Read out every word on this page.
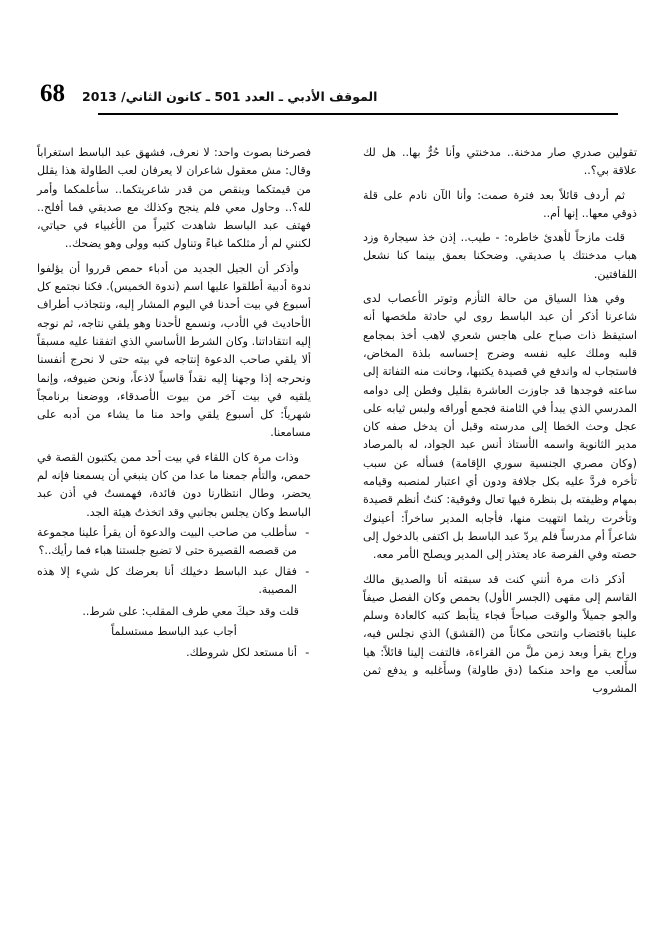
68 الموقف الأدبي ـ العدد 501 ـ كانون الثاني/ 2013

تقولين صدري صار مدخنة.. مدخنتي وأنا حُرٌّ بها.. هل لك علاقة بي؟..

ثم أردف قائلاً بعد فترة صمت: وأنا الآن نادم على قلة ذوقي معها.. إنها أم..

قلت مازحاً لأهدئ خاطره: - طيب.. إذن خذ سيجارة وزد هباب مدخنتك يا صديقي. وضحكنا بعمق بينما كنا نشعل اللفافتين.

وفي هذا السياق من حالة التأزم وتوتر الأعصاب لدى شاعرنا أذكر أن عبد الباسط روى لي حادثة ملخصها أنه استيقظ ذات صباح على هاجس شعري لاهب أخذ بمجامع قلبه وملك عليه نفسه وضرج إحساسه بلذة المخاض، فاستجاب له واندفع في قصيدة يكتبها، وحانت منه التفاتة إلى ساعته فوجدها قد جاوزت العاشرة بقليل وفطن إلى دوامه المدرسي الذي يبدأ في الثامنة فجمع أوراقه ولبس ثيابه على عجل وحث الخطا إلى مدرسته وقبل أن يدخل صفه كان مدير الثانوية واسمه الأستاذ أنس عبد الجواد، له بالمرصاد (وكان مصري الجنسية سوري الإقامة) فسأله عن سبب تأخره فردَّ عليه بكل جلافة ودون أي اعتبار لمنصبه وقيامه بمهام وظيفته بل بنظرة فيها تعال وفوقية: كنتُ أنظم قصيدة وتأخرت ريثما انتهيت منها، فأجابه المدير ساخراً: أعينوك شاعراً أم مدرساً فلم يردّ عبد الباسط بل اكتفى بالدخول إلى حصته وفي الفرصة عاد يعتذر إلى المدير ويصلح الأمر معه.

أذكر ذات مرة أنني كنت قد سبقته أنا والصديق مالك القاسم إلى مقهى (الجسر الأول) بحمص وكان الفصل صيفاً والجو جميلاً والوقت صباحاً فجاء يتأبط كتبه كالعادة وسلم علينا باقتضاب وانتحى مكاناً من (القشق) الذي نجلس فيه، وراح يقرأ وبعد زمن ملَّ من القراءة، فالتفت إلينا قائلاً: هيا سأَلعب مع واحد منكما (دق طاولة) وسأَغلبه و يدفع ثمن المشروب

فصرخنا بصوت واحد: لا نعرف، فشهق عبد الباسط استغراباً وقال: مش معقول شاعران لا يعرفان لعب الطاولة هذا يقلل من قيمتكما وينقص من قدر شاعريتكما.. سأعلمكما وأمر لله؟.. وحاول معي فلم ينجح وكذلك مع صديقي فما أفلح.. فهتف عبد الباسط شاهدت كثيراً من الأغبياء في حياتي، لكنني لم أر مثلكما غباءً وتناول كتبه وولى وهو يضحك..

وأذكر أن الجيل الجديد من أدباء حمص قرروا أن يؤلفوا ندوة أدبية أطلقوا عليها اسم (ندوة الخميس). فكنا نجتمع كل أسبوع في بيت أحدنا في اليوم المشار إليه، ونتجاذب أطراف الأحاديث في الأدب، ونسمع لأحدنا وهو يلقي نتاجه، ثم نوجه إليه انتقاداتنا. وكان الشرط الأساسي الذي اتفقنا عليه مسبقاً ألا يلقي صاحب الدعوة إنتاجه في بيته حتى لا نحرج أنفسنا ونحرجه إذا وجهنا إليه نقداً قاسياً لاذعاً، ونحن ضيوفه، وإنما يلقيه في بيت آخر من بيوت الأصدقاء، ووضعنا برنامجاً شهرياً: كل أسبوع يلقي واحد منا ما يشاء من أدبه على مسامعنا.

وذات مرة كان اللقاء في بيت أحد ممن يكتبون القصة في حمص، والتأم جمعنا ما عدا من كان ينبغي أن يسمعنا فإنه لم يحضر، وطال انتظارنا دون فائدة، فهمستُ في أذن عبد الباسط وكان يجلس بجانبي وقد اتخذتُ هيئة الجد.

-
سأطلب من صاحب البيت والدعوة أن يقرأ علينا مجموعة من قصصه القصيرة حتى لا تضيع جلستنا هباء فما رأيك..؟
-
فقال عبد الباسط دخيلك أنا بعرضك كل شيء إلا هذه المصيبة.

قلت وقد حبكَ معي طرف المقلب: على شرط..

أجاب عبد الباسط مستسلماً

-
أنا مستعد لكل شروطك.
